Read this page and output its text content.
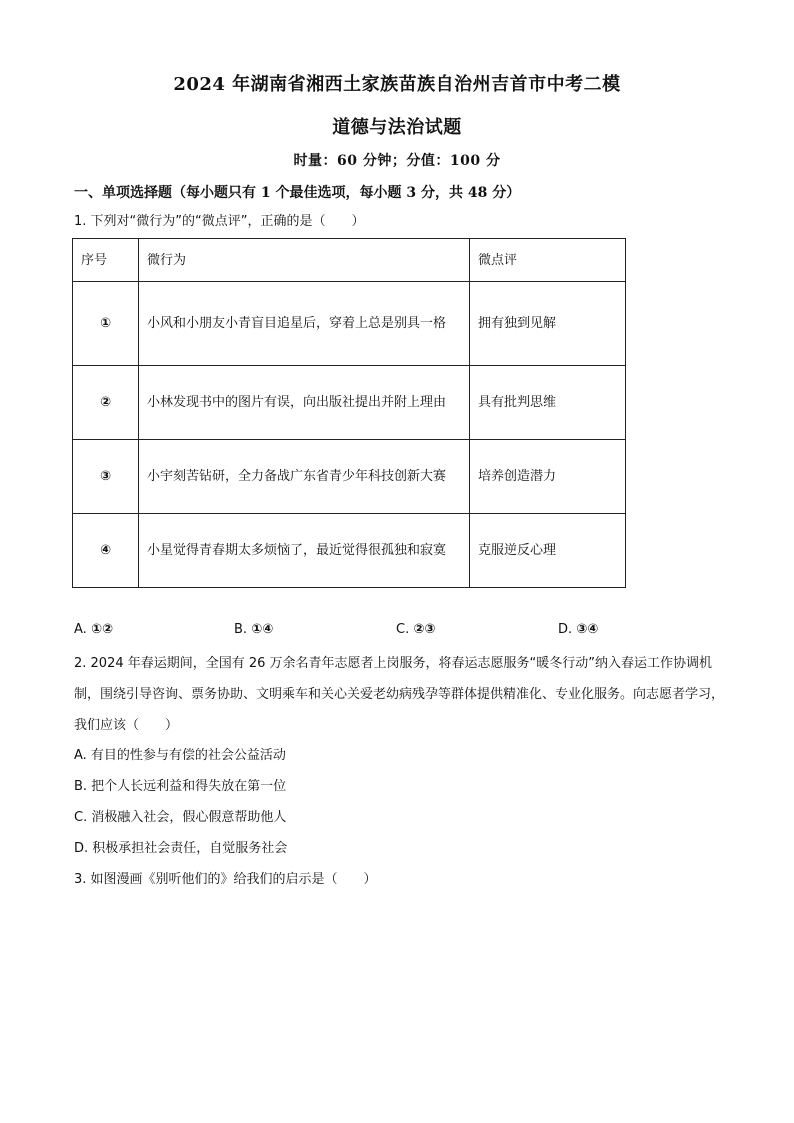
2024 年湖南省湘西土家族苗族自治州吉首市中考二模
道德与法治试题
时量：60 分钟；分值：100 分
一、单项选择题（每小题只有 1 个最佳选项，每小题 3 分，共 48 分）
1. 下列对“微行为”的“微点评”，正确的是（　　）
序号	微行为	微点评
①	小风和小朋友小青盲目追星后，穿着上总是别具一格	拥有独到见解
②	小林发现书中的图片有误，向出版社提出并附上理由	具有批判思维
③	小宇刻苦钻研，全力备战广东省青少年科技创新大赛	培养创造潜力
④	小星觉得青春期太多烦恼了，最近觉得很孤独和寂寞	克服逆反心理
A. ①②	B. ①④	C. ②③	D. ③④
2. 2024 年春运期间，全国有 26 万余名青年志愿者上岗服务，将春运志愿服务“暖冬行动”纳入春运工作协调机制，围绕引导咨询、票务协助、文明乘车和关心关爱老幼病残孕等群体提供精准化、专业化服务。向志愿者学习，我们应该（　　）
A. 有目的性参与有偿的社会公益活动
B. 把个人长远利益和得失放在第一位
C. 消极融入社会，假心假意帮助他人
D. 积极承担社会责任，自觉服务社会
3. 如图漫画《别听他们的》给我们的启示是（　　）
